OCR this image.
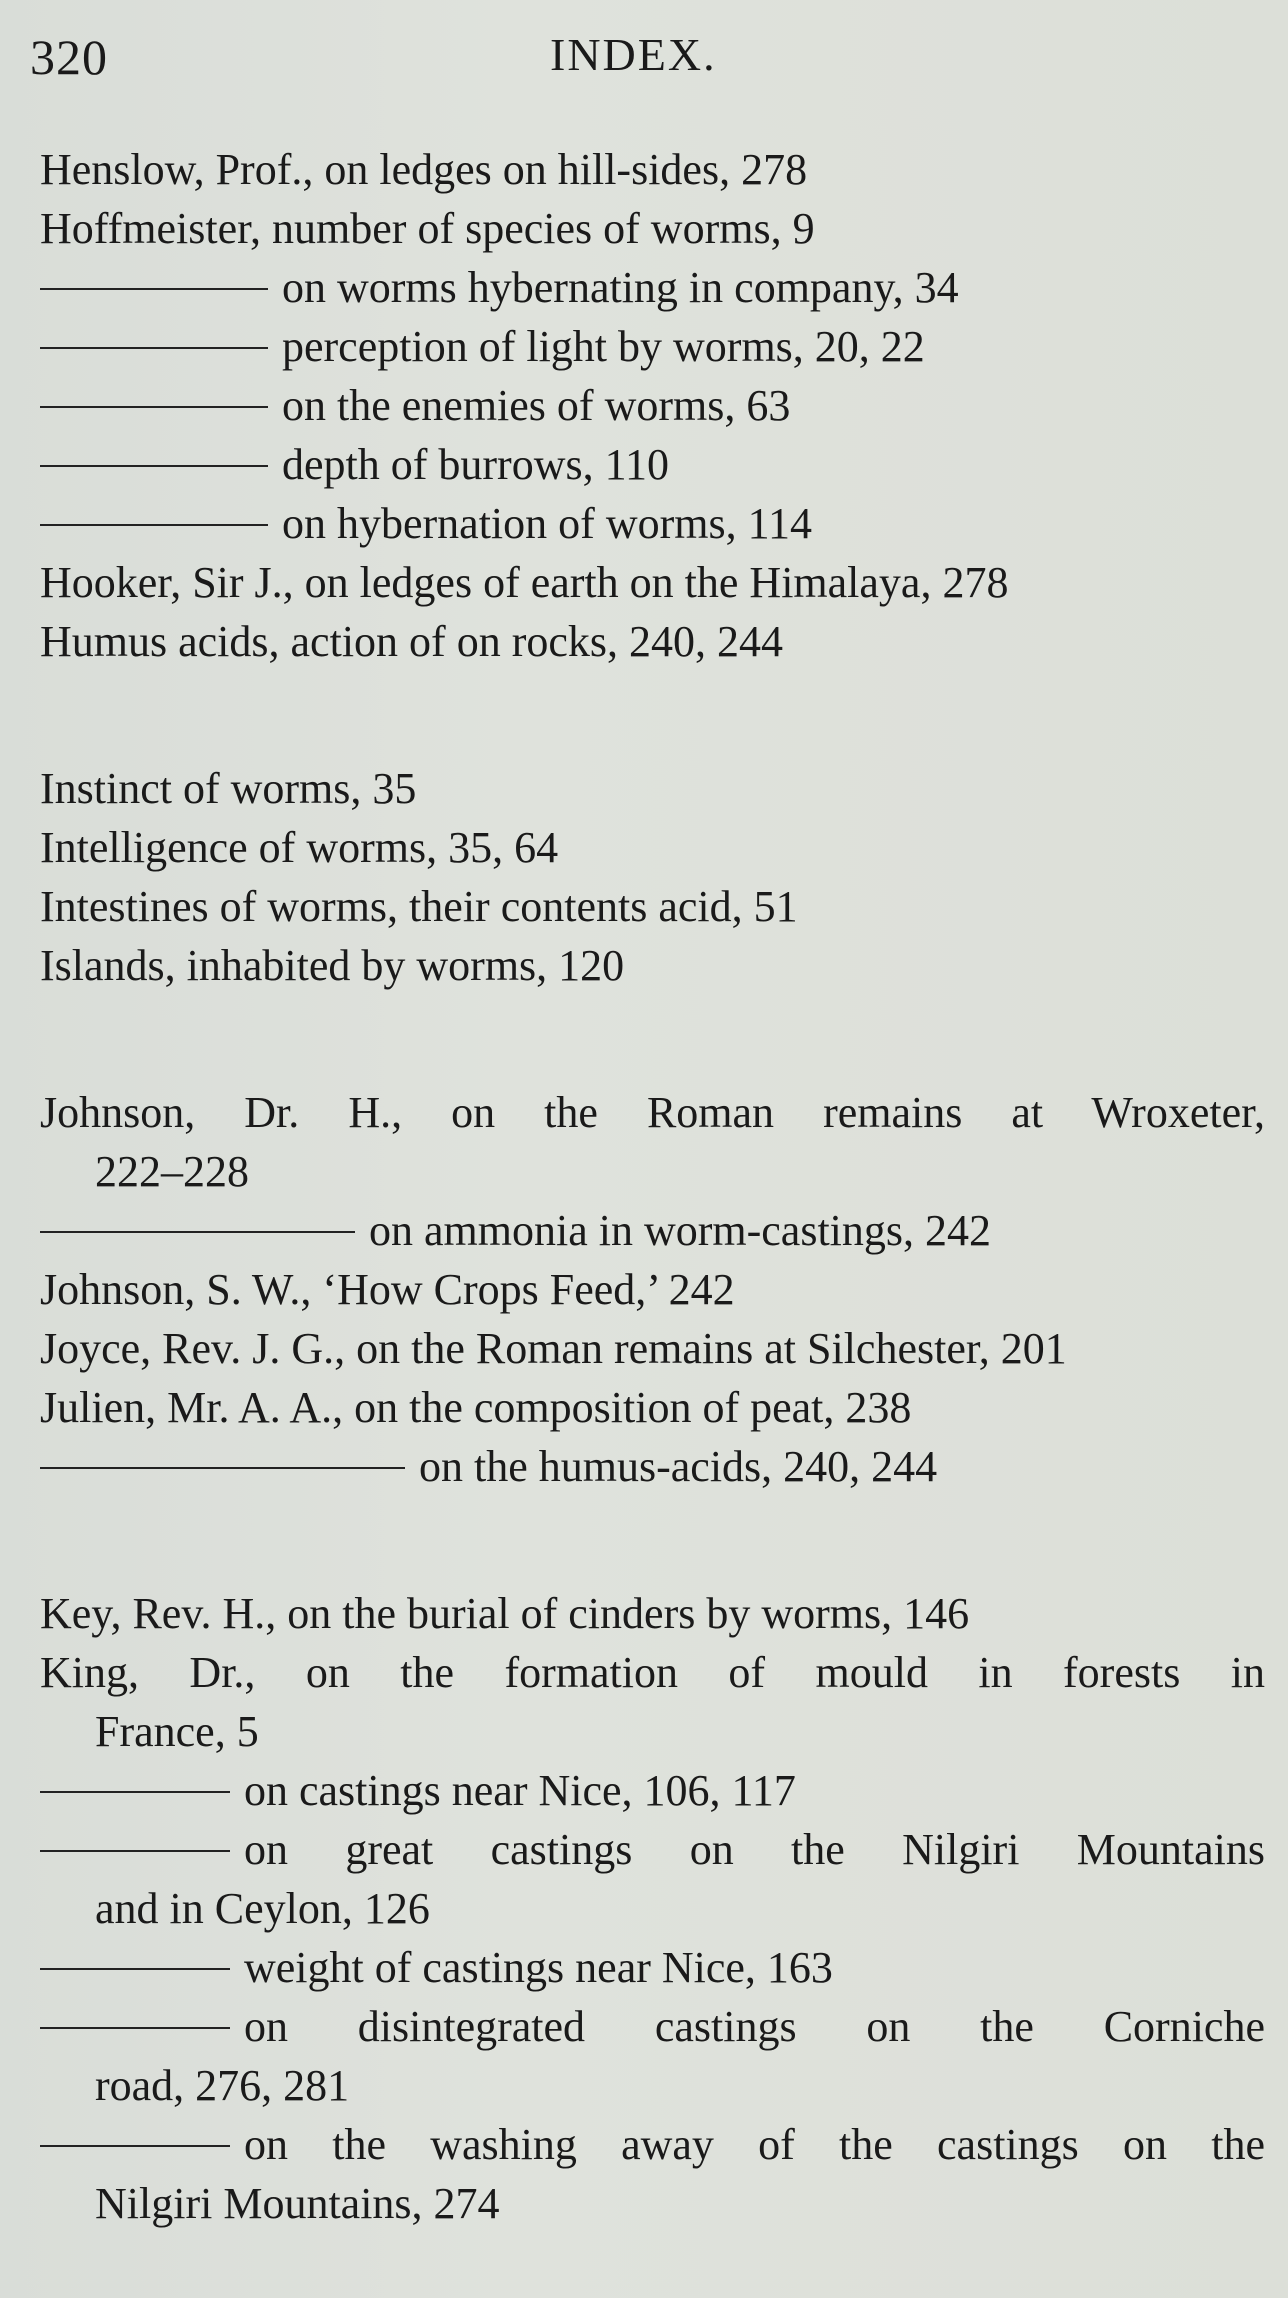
320	INDEX.
Henslow, Prof., on ledges on hill-sides, 278
Hoffmeister, number of species of worms, 9
on worms hybernating in company, 34
perception of light by worms, 20, 22
on the enemies of worms, 63
depth of burrows, 110
on hybernation of worms, 114
Hooker, Sir J., on ledges of earth on the Himalaya, 278
Humus acids, action of on rocks, 240, 244
Instinct of worms, 35
Intelligence of worms, 35, 64
Intestines of worms, their contents acid, 51
Islands, inhabited by worms, 120
Johnson, Dr. H., on the Roman remains at Wroxeter,
222–228
on ammonia in worm-castings, 242
Johnson, S. W., ‘How Crops Feed,’ 242
Joyce, Rev. J. G., on the Roman remains at Silchester, 201
Julien, Mr. A. A., on the composition of peat, 238
on the humus-acids, 240, 244
Key, Rev. H., on the burial of cinders by worms, 146
King, Dr., on the formation of mould in forests in
France, 5
on castings near Nice, 106, 117
on great castings on the Nilgiri Mountains
and in Ceylon, 126
weight of castings near Nice, 163
on disintegrated castings on the Corniche
road, 276, 281
on the washing away of the castings on the
Nilgiri Mountains, 274
